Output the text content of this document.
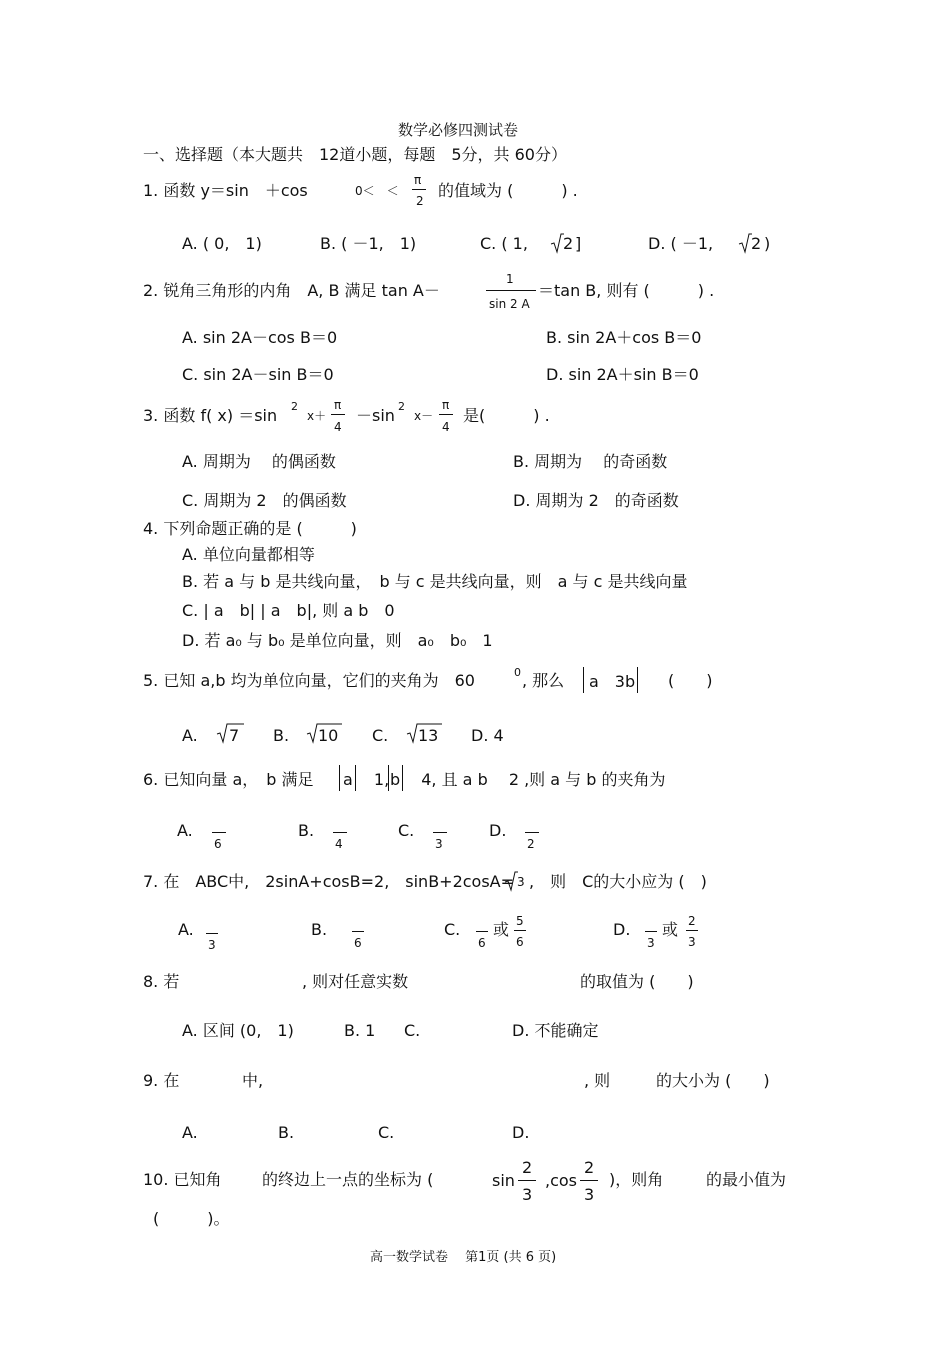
数学必修四测试卷
一、选择题（本大题共　12道小题，每题　5分，共 60分）
1. 函数 y＝sin　＋cos　	0＜　＜
π
2
的值域为 (　　　) .
A. ( 0,　1)	B. ( －1,　1)	C. ( 1, 2 ]	D. ( －1, 2 )
2. 锐角三角形的内角　A, B 满足 tan A－
1
sin 2 A
＝tan B, 则有 (　　　) .
A. sin 2A－cos B＝0	B. sin 2A＋cos B＝0
C. sin 2A－sin B＝0	D. sin 2A＋sin B＝0
3. 函数 f( x) ＝sin 2
x＋
π
4
－sin 2
x－
π
4
是(　　　) .
A. 周期为　 的偶函数	B. 周期为　 的奇函数
C. 周期为 2　的偶函数	D. 周期为 2　的奇函数
4. 下列命题正确的是 (　　　)
A. 单位向量都相等
B. 若 a 与 b 是共线向量，　b 与 c 是共线向量，则　a 与 c 是共线向量
C. | a　b| | a　b|, 则 a b　0
D. 若 a₀ 与 b₀ 是单位向量，则　a₀　b₀　1
5. 已知 a,b 均为单位向量，它们的夹角为　60	0 , 那么 a　3b (　　)
A. 7 B. 10 C. 13 D. 4
6. 已知向量 a，　b 满足 a　 1, b　 4, 且 a b　 2 ,则 a 与 b 的夹角为
A.
6
B.
4
C.
3
D.
2
7. 在　ABC中,　2sinA+cosB=2,　sinB+2cosA= 3 ,　则　C的大小应为 (　)
A.
3
B.
6
C.
6
或 5
6
D.
3
或 2
3
8. 若	, 则对任意实数	的取值为 (　　)
A. 区间 (0,　1)	B. 1 C.	D. 不能确定
9. 在	中,	, 则	的大小为 (　　)
A.	B.	C.	D.
10. 已知角	的终边上一点的坐标为 (	sin
2
3
,cos
2
3
)，则角	的最小值为
(　　　)。
高一数学试卷　 第1页 (共 6 页)
